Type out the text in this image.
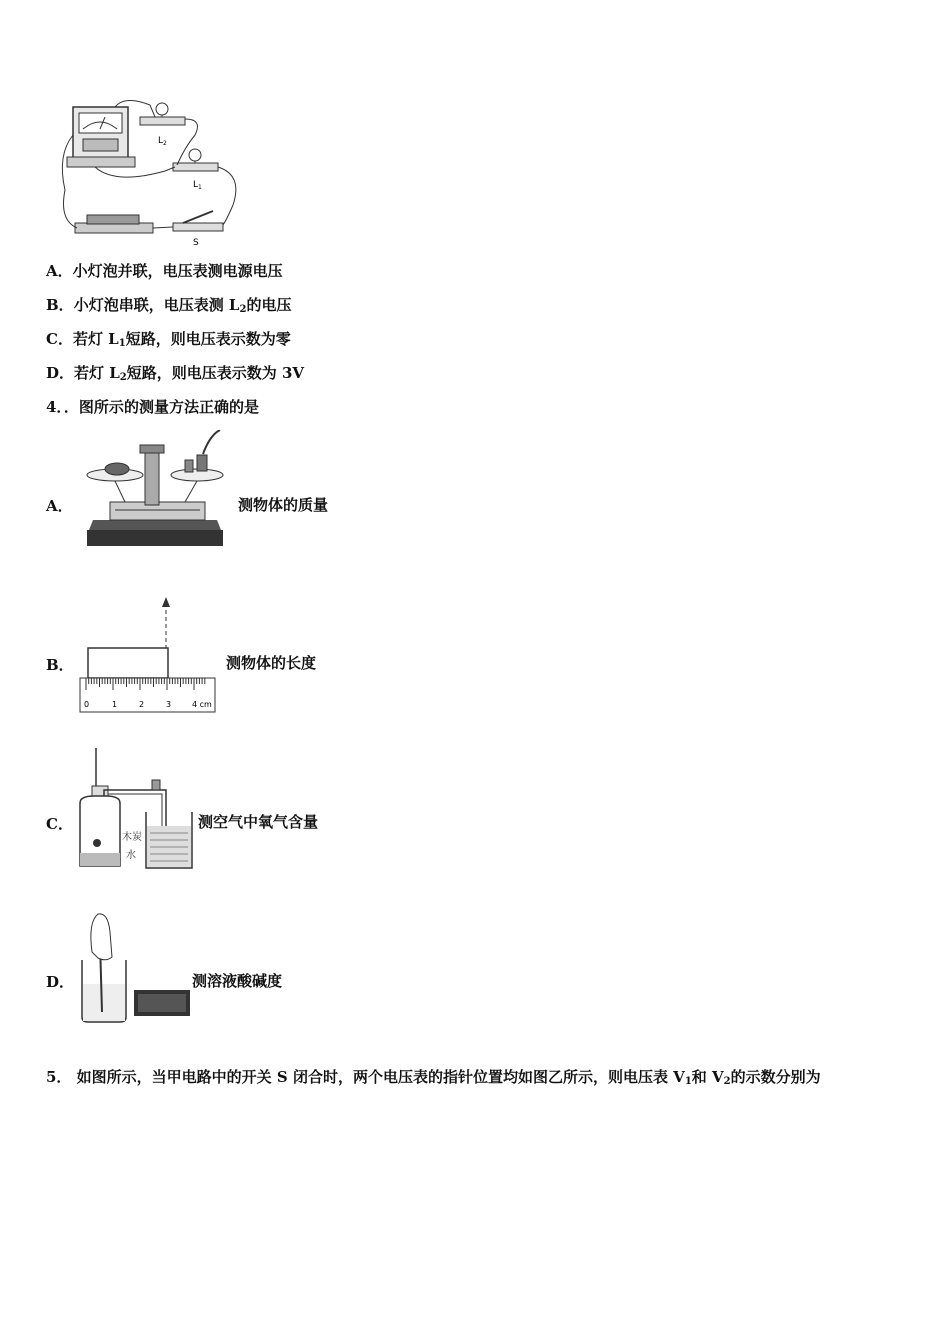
$L_2$
$L_1$
S
A．小灯泡并联，电压表测电源电压
B．小灯泡串联，电压表测 $L_2$的电压
C．若灯 $L_1$短路，则电压表示数为零
D．若灯 $L_2$短路，则电压表示数为 3V
4．．图所示的测量方法正确的是
A．	测物体的质量
B．
0	1	2	3	4 cm
测物体的长度
C．
木炭
水
测空气中氧气含量
D．	测溶液酸碱度
5． 如图所示，当甲电路中的开关 S 闭合时，两个电压表的指针位置均如图乙所示，则电压表 $V_1$和 $V_2$的示数分别为
